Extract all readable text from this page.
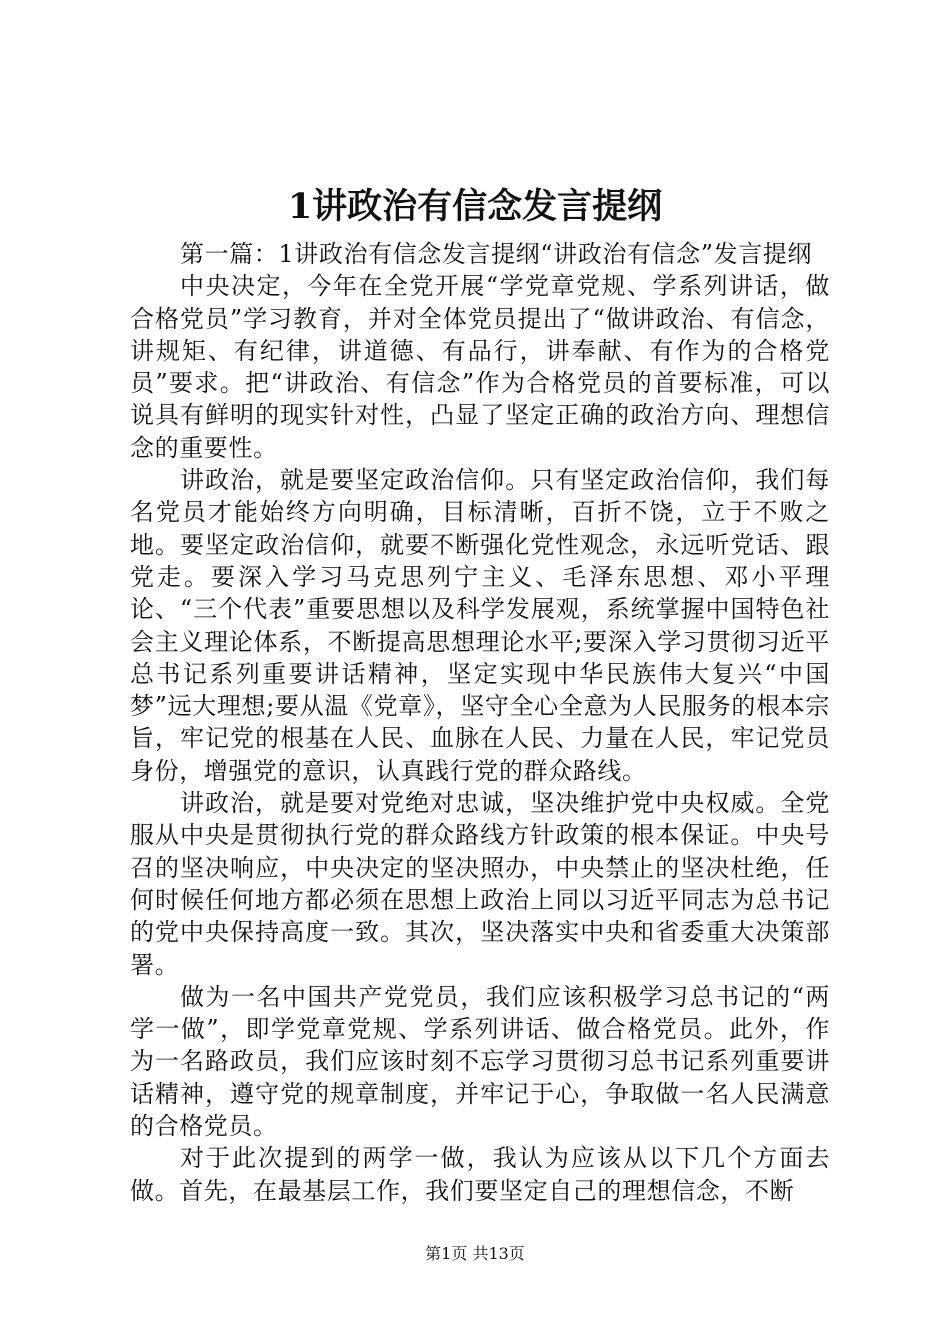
1讲政治有信念发言提纲

第一篇：1讲政治有信念发言提纲“讲政治有信念”发言提纲

中央决定，今年在全党开展“学党章党规、学系列讲话，做合格党员”学习教育，并对全体党员提出了“做讲政治、有信念，讲规矩、有纪律，讲道德、有品行，讲奉献、有作为的合格党员”要求。把“讲政治、有信念”作为合格党员的首要标准，可以说具有鲜明的现实针对性，凸显了坚定正确的政治方向、理想信念的重要性。

讲政治，就是要坚定政治信仰。只有坚定政治信仰，我们每名党员才能始终方向明确，目标清晰，百折不饶，立于不败之地。要坚定政治信仰，就要不断强化党性观念，永远听党话、跟党走。要深入学习马克思列宁主义、毛泽东思想、邓小平理论、“三个代表”重要思想以及科学发展观，系统掌握中国特色社会主义理论体系，不断提高思想理论水平;要深入学习贯彻习近平总书记系列重要讲话精神，坚定实现中华民族伟大复兴“中国梦”远大理想;要从温《党章》，坚守全心全意为人民服务的根本宗旨，牢记党的根基在人民、血脉在人民、力量在人民，牢记党员身份，增强党的意识，认真践行党的群众路线。

讲政治，就是要对党绝对忠诚，坚决维护党中央权威。全党服从中央是贯彻执行党的群众路线方针政策的根本保证。中央号召的坚决响应，中央决定的坚决照办，中央禁止的坚决杜绝，任何时候任何地方都必须在思想上政治上同以习近平同志为总书记的党中央保持高度一致。其次，坚决落实中央和省委重大决策部署。

做为一名中国共产党党员，我们应该积极学习总书记的“两学一做”，即学党章党规、学系列讲话、做合格党员。此外，作为一名路政员，我们应该时刻不忘学习贯彻习总书记系列重要讲话精神，遵守党的规章制度，并牢记于心，争取做一名人民满意的合格党员。

对于此次提到的两学一做，我认为应该从以下几个方面去做。首先，在最基层工作，我们要坚定自己的理想信念，不断

第1页 共13页
